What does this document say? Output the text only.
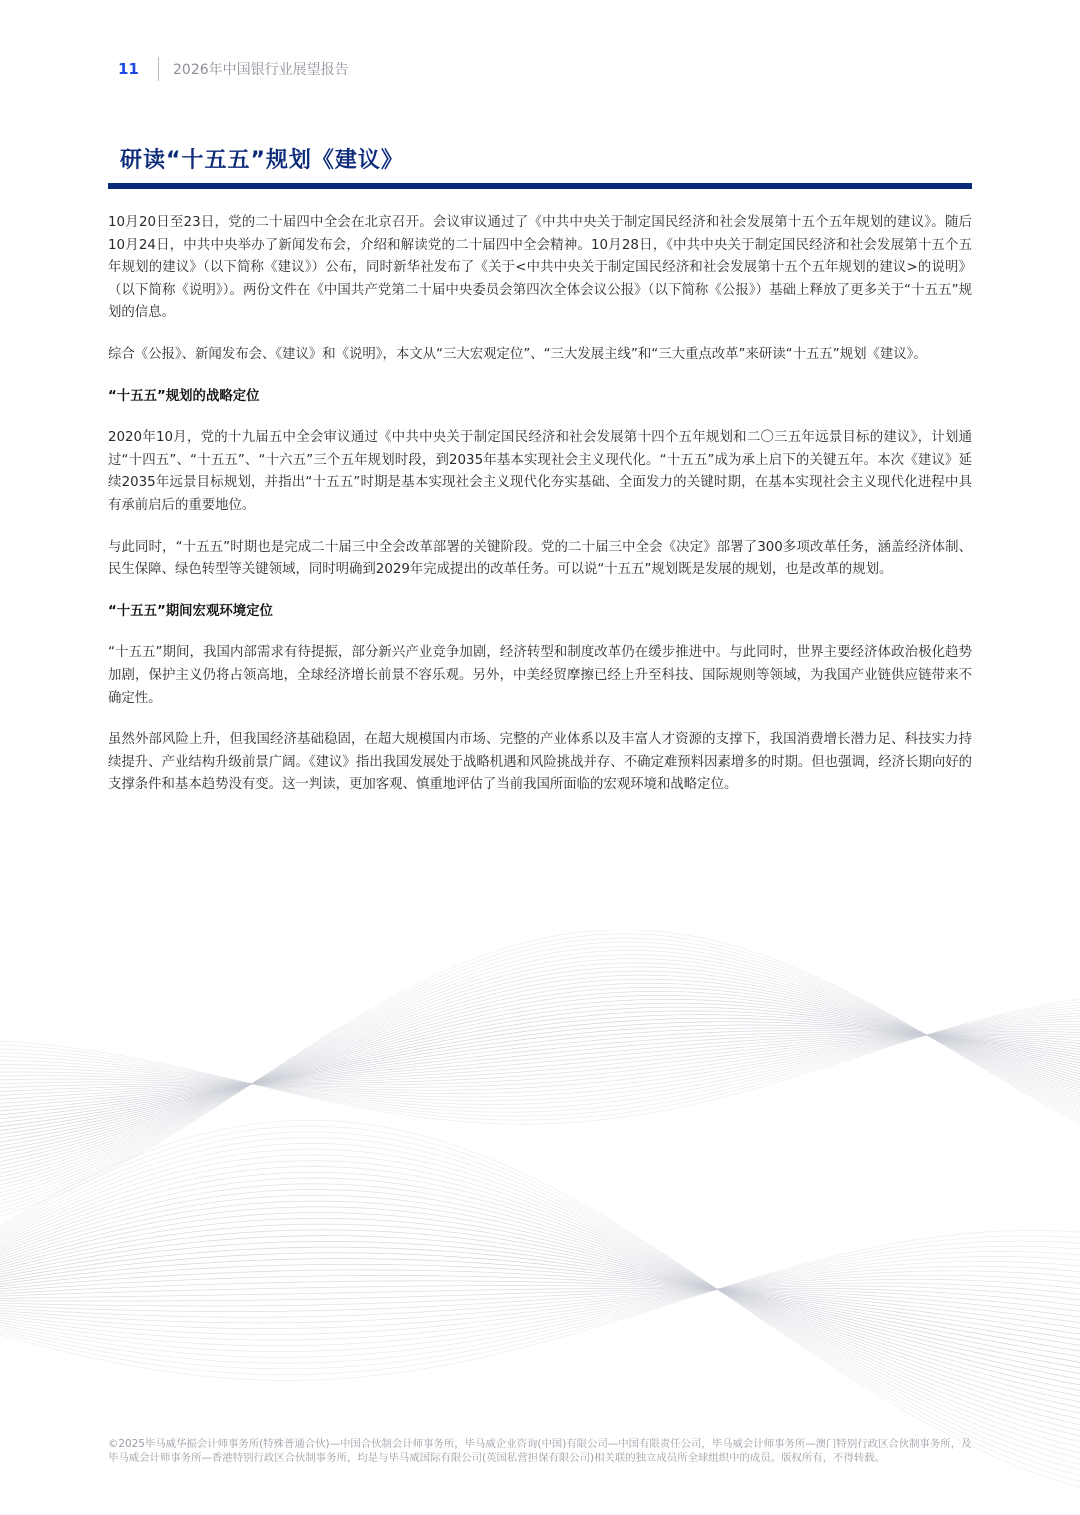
11	2026年中国银行业展望报告
研读“十五五”规划《建议》

10月20日至23日，党的二十届四中全会在北京召开。会议审议通过了《中共中央关于制定国民经济和社会发展第十五个五年规划的建议》。随后10月24日，中共中央举办了新闻发布会，介绍和解读党的二十届四中全会精神。10月28日，《中共中央关于制定国民经济和社会发展第十五个五年规划的建议》（以下简称《建议》）公布，同时新华社发布了《关于<中共中央关于制定国民经济和社会发展第十五个五年规划的建议>的说明》（以下简称《说明》）。两份文件在《中国共产党第二十届中央委员会第四次全体会议公报》（以下简称《公报》）基础上释放了更多关于“十五五”规划的信息。

综合《公报》、新闻发布会、《建议》和《说明》，本文从“三大宏观定位”、“三大发展主线”和“三大重点改革”来研读“十五五”规划《建议》。

“十五五”规划的战略定位

2020年10月，党的十九届五中全会审议通过《中共中央关于制定国民经济和社会发展第十四个五年规划和二〇三五年远景目标的建议》，计划通过“十四五”、“十五五”、“十六五”三个五年规划时段，到2035年基本实现社会主义现代化。“十五五”成为承上启下的关键五年。本次《建议》延续2035年远景目标规划，并指出“十五五”时期是基本实现社会主义现代化夯实基础、全面发力的关键时期，在基本实现社会主义现代化进程中具有承前启后的重要地位。

与此同时，“十五五”时期也是完成二十届三中全会改革部署的关键阶段。党的二十届三中全会《决定》部署了300多项改革任务，涵盖经济体制、民生保障、绿色转型等关键领域，同时明确到2029年完成提出的改革任务。可以说“十五五”规划既是发展的规划，也是改革的规划。

“十五五”期间宏观环境定位

“十五五”期间，我国内部需求有待提振，部分新兴产业竞争加剧，经济转型和制度改革仍在缓步推进中。与此同时，世界主要经济体政治极化趋势加剧，保护主义仍将占领高地，全球经济增长前景不容乐观。另外，中美经贸摩擦已经上升至科技、国际规则等领域，为我国产业链供应链带来不确定性。

虽然外部风险上升，但我国经济基础稳固，在超大规模国内市场、完整的产业体系以及丰富人才资源的支撑下，我国消费增长潜力足、科技实力持续提升、产业结构升级前景广阔。《建议》指出我国发展处于战略机遇和风险挑战并存、不确定难预料因素增多的时期。但也强调，经济长期向好的支撑条件和基本趋势没有变。这一判读，更加客观、慎重地评估了当前我国所面临的宏观环境和战略定位。

©2025毕马威华振会计师事务所(特殊普通合伙)—中国合伙制会计师事务所，毕马威企业咨询(中国)有限公司—中国有限责任公司，毕马威会计师事务所—澳门特别行政区合伙制事务所，及毕马威会计师事务所—香港特别行政区合伙制事务所，均是与毕马威国际有限公司(英国私营担保有限公司)相关联的独立成员所全球组织中的成员。版权所有，不得转载。
